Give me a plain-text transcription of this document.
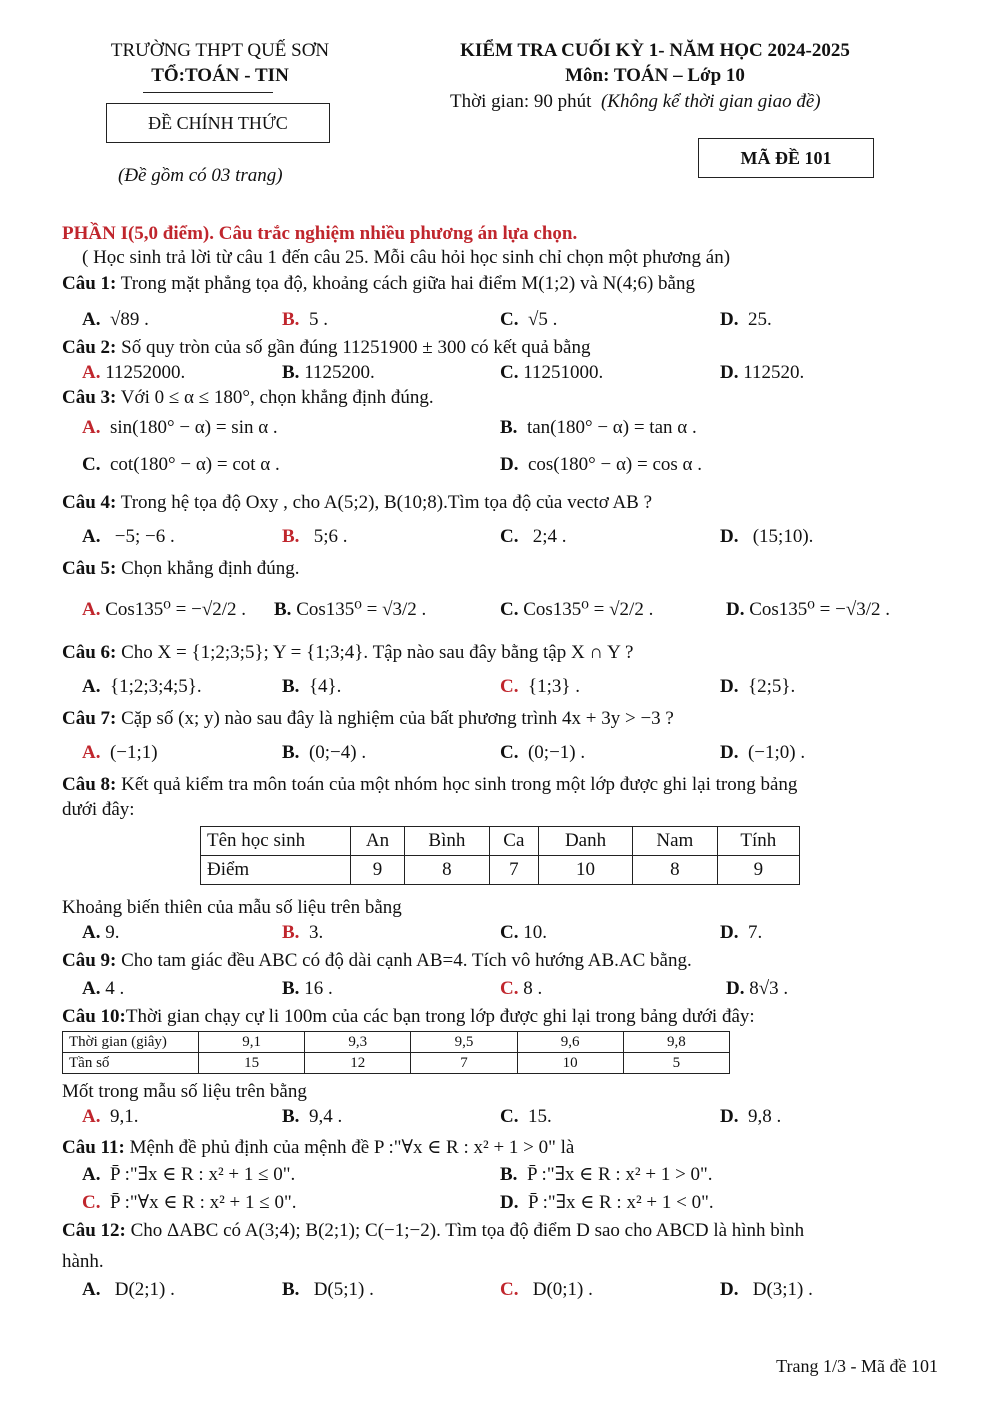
TRƯỜNG THPT QUẾ SƠN
TỔ:TOÁN - TIN
ĐỀ CHÍNH THỨC
(Đề gồm có 03 trang)
KIỂM TRA CUỐI KỲ 1- NĂM HỌC 2024-2025
Môn: TOÁN – Lớp 10
Thời gian: 90 phút (Không kể thời gian giao đề)
MÃ ĐỀ 101
PHẦN I(5,0 điểm). Câu trắc nghiệm nhiều phương án lựa chọn.
( Học sinh trả lời từ câu 1 đến câu 25. Mỗi câu hỏi học sinh chỉ chọn một phương án)
Câu 1: Trong mặt phẳng tọa độ, khoảng cách giữa hai điểm M(1;2) và N(4;6) bằng
A. √89 .	B. 5 .	C. √5 .	D. 25.
Câu 2: Số quy tròn của số gần đúng 11251900 ± 300 có kết quả bằng
A. 11252000.	B. 1125200.	C. 11251000.	D. 112520.
Câu 3: Với 0 ≤ α ≤ 180°, chọn khẳng định đúng.
A. sin(180° − α) = sin α .	B. tan(180° − α) = tan α .
C. cot(180° − α) = cot α .	D. cos(180° − α) = cos α .
Câu 4: Trong hệ tọa độ Oxy , cho A(5;2), B(10;8).Tìm tọa độ của vectơ AB ?
A. −5; −6 .	B. 5;6 .	C. 2;4 .	D. (15;10).
Câu 5: Chọn khẳng định đúng.
A. Cos135⁰ = −√2/2 . B. Cos135⁰ = √3/2 .	C. Cos135⁰ = √2/2 .	D. Cos135⁰ = −√3/2 .
Câu 6: Cho X = {1;2;3;5}; Y = {1;3;4}. Tập nào sau đây bằng tập X ∩ Y ?
A. {1;2;3;4;5}.	B. {4}.	C. {1;3} .	D. {2;5}.
Câu 7: Cặp số (x; y) nào sau đây là nghiệm của bất phương trình 4x + 3y > −3 ?
A. (−1;1)	B. (0;−4) .	C. (0;−1) .	D. (−1;0) .
Câu 8: Kết quả kiểm tra môn toán của một nhóm học sinh trong một lớp được ghi lại trong bảng
dưới đây:
Tên học sinh	An	Bình	Ca	Danh	Nam	Tính
Điểm	9	8	7	10	8	9
Khoảng biến thiên của mẫu số liệu trên bằng
A. 9.	B. 3.	C. 10.	D. 7.
Câu 9: Cho tam giác đều ABC có độ dài cạnh AB=4. Tích vô hướng AB.AC bằng.
A. 4 .	B. 16 .	C. 8 .	D. 8√3 .
Câu 10:Thời gian chạy cự li 100m của các bạn trong lớp được ghi lại trong bảng dưới đây:
Thời gian (giây)	9,1	9,3	9,5	9,6	9,8
Tần số	15	12	7	10	5
Mốt trong mẫu số liệu trên bằng
A. 9,1.	B. 9,4 .	C. 15.	D. 9,8 .
Câu 11: Mệnh đề phủ định của mệnh đề P :"∀x ∈ R : x² + 1 > 0" là
A. P̄ :"∃x ∈ R : x² + 1 ≤ 0".	B. P̄ :"∃x ∈ R : x² + 1 > 0".
C. P̄ :"∀x ∈ R : x² + 1 ≤ 0".	D. P̄ :"∃x ∈ R : x² + 1 < 0".
Câu 12: Cho ΔABC có A(3;4); B(2;1); C(−1;−2). Tìm tọa độ điểm D sao cho ABCD là hình bình
hành.
A. D(2;1) .	B. D(5;1) .	C. D(0;1) .	D. D(3;1) .
Trang 1/3 - Mã đề 101
